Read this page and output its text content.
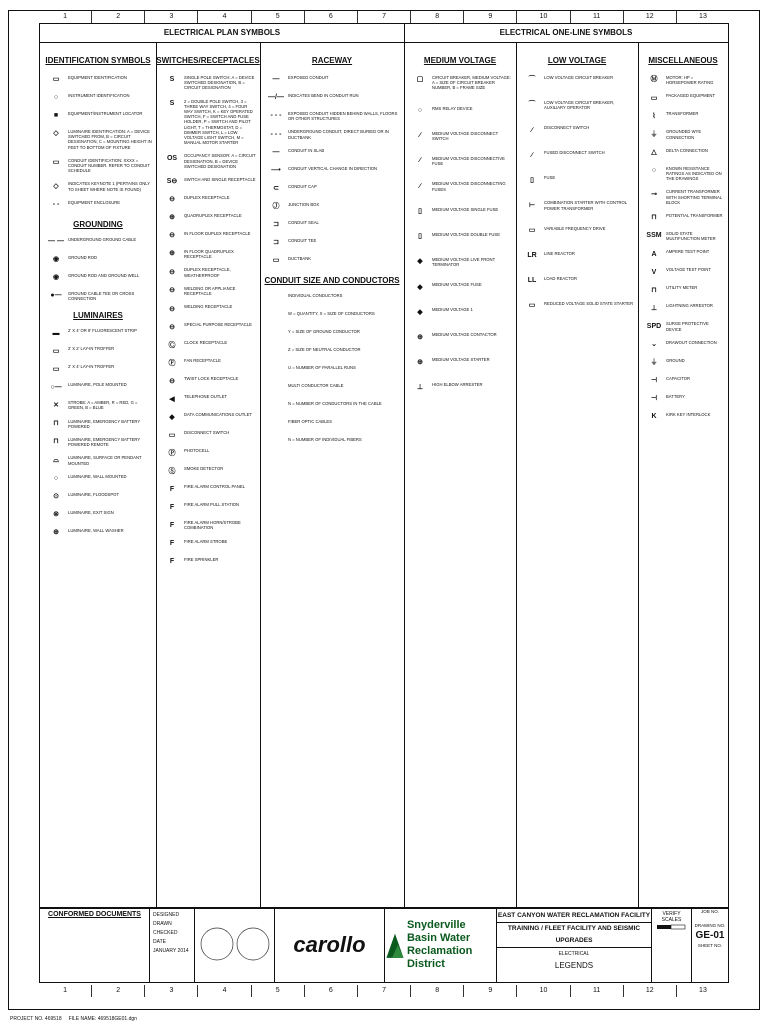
1	2	3	4	5	6	7	8	9	10	11	12	13
ELECTRICAL PLAN SYMBOLS	ELECTRICAL ONE-LINE SYMBOLS
IDENTIFICATION SYMBOLS
▭	EQUIPMENT IDENTIFICATION
○	INSTRUMENT IDENTIFICATION
■	EQUIPMENT/INSTRUMENT LOCATOR
◇	LUMINAIRE IDENTIFICATION: A = DEVICE SWITCHED FROM, B = CIRCUIT DESIGNATION, C = MOUNTING HEIGHT IN FEET TO BOTTOM OF FIXTURE
▭	CONDUIT IDENTIFICATION: XXXX = CONDUIT NUMBER. REFER TO CONDUIT SCHEDULE
◇	INDICATES KEYNOTE 1 (PERTAINS ONLY TO SHEET WHERE NOTE IS FOUND)
- -	EQUIPMENT ENCLOSURE
GROUNDING
— — UNDERGROUND GROUND CABLE
◉	GROUND ROD
◉	GROUND ROD AND GROUND WELL
●—	GROUND CABLE TEE OR CROSS CONNECTION
LUMINAIRES
▬	2' X 4' OR 8' FLUORESCENT STRIP
▭	2' X 2' LAY-IN TROFFER
▭	2' X 4' LAY-IN TROFFER
○—	LUMINAIRE, POLE MOUNTED
✕	STROBE: A = AMBER, R = RED, G = GREEN, B = BLUE
⊓	LUMINAIRE, EMERGENCY BATTERY POWERED
⊓	LUMINAIRE, EMERGENCY BATTERY POWERED REMOTE
⌓	LUMINAIRE, SURFACE OR PENDANT MOUNTED
○	LUMINAIRE, WALL MOUNTED
⊙	LUMINAIRE, FLOODSPOT
⊗	LUMINAIRE, EXIT SIGN
⊕	LUMINAIRE, WALL WASHER
SWITCHES/RECEPTACLES
S	SINGLE POLE SWITCH: A = DEVICE SWITCHED DESIGNATION, B = CIRCUIT DESIGNATION
S	2 = DOUBLE POLE SWITCH, 3 = THREE WAY SWITCH, 4 = FOUR WAY SWITCH, K = KEY OPERATED SWITCH, F = SWITCH AND FUSE HOLDER, P = SWITCH AND PILOT LIGHT, T = THERMOSTAT, D = DIMMER SWITCH, L = LOW VOLTAGE LIGHT SWITCH, M = MANUAL MOTOR STARTER
OS	OCCUPANCY SENSOR: A = CIRCUIT DESIGNATION, B = DEVICE SWITCHED DESIGNATION
S⊖	SWITCH AND SINGLE RECEPTACLE
⊖	DUPLEX RECEPTACLE
⊕	QUADRUPLEX RECEPTACLE
⊖	IN FLOOR DUPLEX RECEPTACLE
⊕	IN FLOOR QUADRUPLEX RECEPTACLE
⊖	DUPLEX RECEPTACLE, WEATHERPROOF
⊖	WELDING OR APPLIANCE RECEPTACLE
⊖	WELDING RECEPTACLE
⊖	SPECIAL PURPOSE RECEPTACLE
Ⓒ	CLOCK RECEPTACLE
Ⓕ	FAN RECEPTACLE
⊖	TWIST LOCK RECEPTACLE
◀	TELEPHONE OUTLET
◆	DATA COMMUNICATIONS OUTLET
▭	DISCONNECT SWITCH
Ⓟ	PHOTOCELL
Ⓢ	SMOKE DETECTOR
F	FIRE ALARM CONTROL PANEL
F	FIRE ALARM PULL STATION
F	FIRE ALARM HORN/STROBE COMBINATION
F	FIRE ALARM STROBE
F	FIRE SPRINKLER
RACEWAY
—	EXPOSED CONDUIT
—/— INDICATES BEND IN CONDUIT RUN
- - -	EXPOSED CONDUIT HIDDEN BEHIND WALLS, FLOORS OR OTHER STRUCTURES
- - -	UNDERGROUND CONDUIT, DIRECT BURIED OR IN DUCTBANK
—	CONDUIT IN SLAB
—•	CONDUIT VERTICAL CHANGE IN DIRECTION
⊂	CONDUIT CAP
Ⓙ	JUNCTION BOX
⊐	CONDUIT SEAL
⊐	CONDUIT TEE
▭	DUCTBANK
CONDUIT SIZE AND CONDUCTORS
INDIVIDUAL CONDUCTORS
W = QUANTITY, X = SIZE OF CONDUCTORS
Y = SIZE OF GROUND CONDUCTOR
Z = SIZE OF NEUTRAL CONDUCTOR
U = NUMBER OF PARALLEL RUNS
MULTI CONDUCTOR CABLE
N = NUMBER OF CONDUCTORS IN THE CABLE
FIBER OPTIC CABLES
N = NUMBER OF INDIVIDUAL FIBERS
MEDIUM VOLTAGE
▢	CIRCUIT BREAKER, MEDIUM VOLTAGE: A = SIZE OF CIRCUIT BREAKER NUMBER, B = FRAME SIZE
○	RMS RELAY DEVICE
∕	MEDIUM VOLTAGE DISCONNECT SWITCH
∕	MEDIUM VOLTAGE DISCONNECTIVE FUSE
∕	MEDIUM VOLTAGE DISCONNECTING FUSES
▯	MEDIUM VOLTAGE SINGLE FUSE
▯	MEDIUM VOLTAGE DOUBLE FUSE
◆	MEDIUM VOLTAGE LIVE FRONT TERMINATOR
◆	MEDIUM VOLTAGE FUSE
◆	MEDIUM VOLTAGE 1
⊕	MEDIUM VOLTAGE CONTACTOR
⊕	MEDIUM VOLTAGE STARTER
⊥	HIGH ELBOW ARRESTER
LOW VOLTAGE
⌒	LOW VOLTAGE CIRCUIT BREAKER
⌒	LOW VOLTAGE CIRCUIT BREAKER, AUXILIARY OPERATOR
∕	DISCONNECT SWITCH
∕	FUSED DISCONNECT SWITCH
▯	FUSE
⊢	COMBINATION STARTER WITH CONTROL POWER TRANSFORMER
▭	VARIABLE FREQUENCY DRIVE
LR	LINE REACTOR
LL	LOAD REACTOR
▭	REDUCED VOLTAGE SOLID STATE STARTER
MISCELLANEOUS
Ⓜ	MOTOR: HP = HORSEPOWER RATING
▭	PACKAGED EQUIPMENT
⌇	TRANSFORMER
⏚	GROUNDED WYE CONNECTION
△	DELTA CONNECTION
○	KNOWN RESISTANCE RATINGS AS INDICATED ON THE DRAWINGS
⊸	CURRENT TRANSFORMER WITH SHORTING TERMINAL BLOCK
⊓	POTENTIAL TRANSFORMER
SSM	SOLID STATE MULTIFUNCTION METER
A	AMPERE TEST POINT
V	VOLTAGE TEST POINT
⊓	UTILITY METER
⊥	LIGHTNING ARRESTOR
SPD	SURGE PROTECTIVE DEVICE
⌄	DRAWOUT CONNECTION
⏚	GROUND
⊣	CAPACITOR
⊣	BATTERY
K	KIRK KEY INTERLOCK
CONFORMED DOCUMENTS	DESIGNED
DRAWN
CHECKED
DATE
JANUARY 2014	carollo
Snyderville Basin Water
Reclamation District
EAST CANYON WATER RECLAMATION FACILITY
TRAINING / FLEET FACILITY AND SEISMIC UPGRADES
ELECTRICAL
LEGENDS
VERIFY SCALES
JOB NO.
DRAWING NO.
GE-01
SHEET NO.
1	2	3	4	5	6	7	8	9	10	11	12	13
PROJECT NO. 469518 FILE NAME: 469518GE01.dgn
